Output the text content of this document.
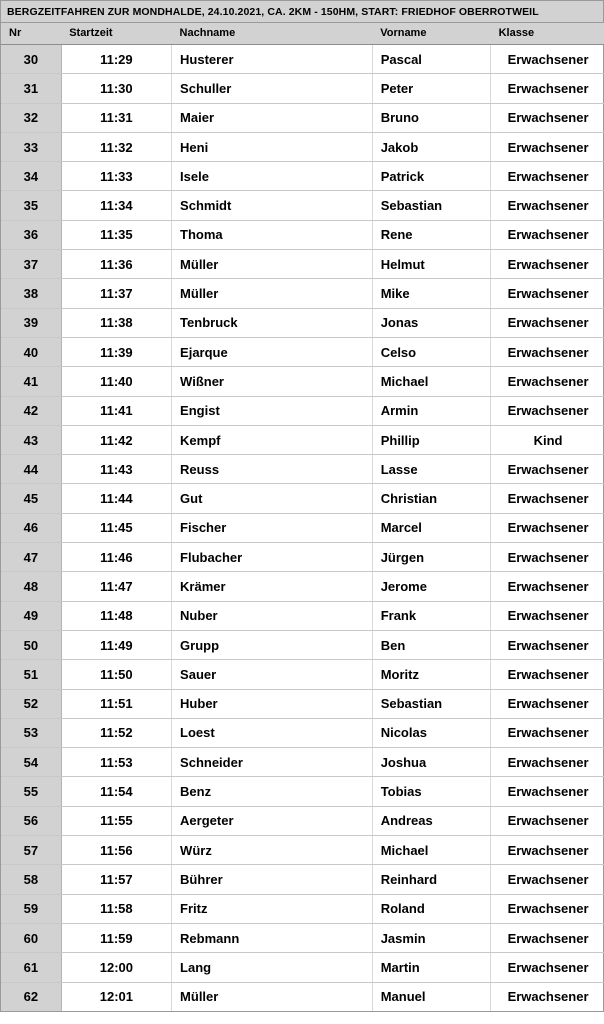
BERGZEITFAHREN ZUR MONDHALDE, 24.10.2021, CA. 2KM - 150HM, START: FRIEDHOF OBERROTWEIL
Nr	Startzeit	Nachname	Vorname	Klasse
30	11:29	Husterer	Pascal	Erwachsener
31	11:30	Schuller	Peter	Erwachsener
32	11:31	Maier	Bruno	Erwachsener
33	11:32	Heni	Jakob	Erwachsener
34	11:33	Isele	Patrick	Erwachsener
35	11:34	Schmidt	Sebastian	Erwachsener
36	11:35	Thoma	Rene	Erwachsener
37	11:36	Müller	Helmut	Erwachsener
38	11:37	Müller	Mike	Erwachsener
39	11:38	Tenbruck	Jonas	Erwachsener
40	11:39	Ejarque	Celso	Erwachsener
41	11:40	Wißner	Michael	Erwachsener
42	11:41	Engist	Armin	Erwachsener
43	11:42	Kempf	Phillip	Kind
44	11:43	Reuss	Lasse	Erwachsener
45	11:44	Gut	Christian	Erwachsener
46	11:45	Fischer	Marcel	Erwachsener
47	11:46	Flubacher	Jürgen	Erwachsener
48	11:47	Krämer	Jerome	Erwachsener
49	11:48	Nuber	Frank	Erwachsener
50	11:49	Grupp	Ben	Erwachsener
51	11:50	Sauer	Moritz	Erwachsener
52	11:51	Huber	Sebastian	Erwachsener
53	11:52	Loest	Nicolas	Erwachsener
54	11:53	Schneider	Joshua	Erwachsener
55	11:54	Benz	Tobias	Erwachsener
56	11:55	Aergeter	Andreas	Erwachsener
57	11:56	Würz	Michael	Erwachsener
58	11:57	Bührer	Reinhard	Erwachsener
59	11:58	Fritz	Roland	Erwachsener
60	11:59	Rebmann	Jasmin	Erwachsener
61	12:00	Lang	Martin	Erwachsener
62	12:01	Müller	Manuel	Erwachsener
